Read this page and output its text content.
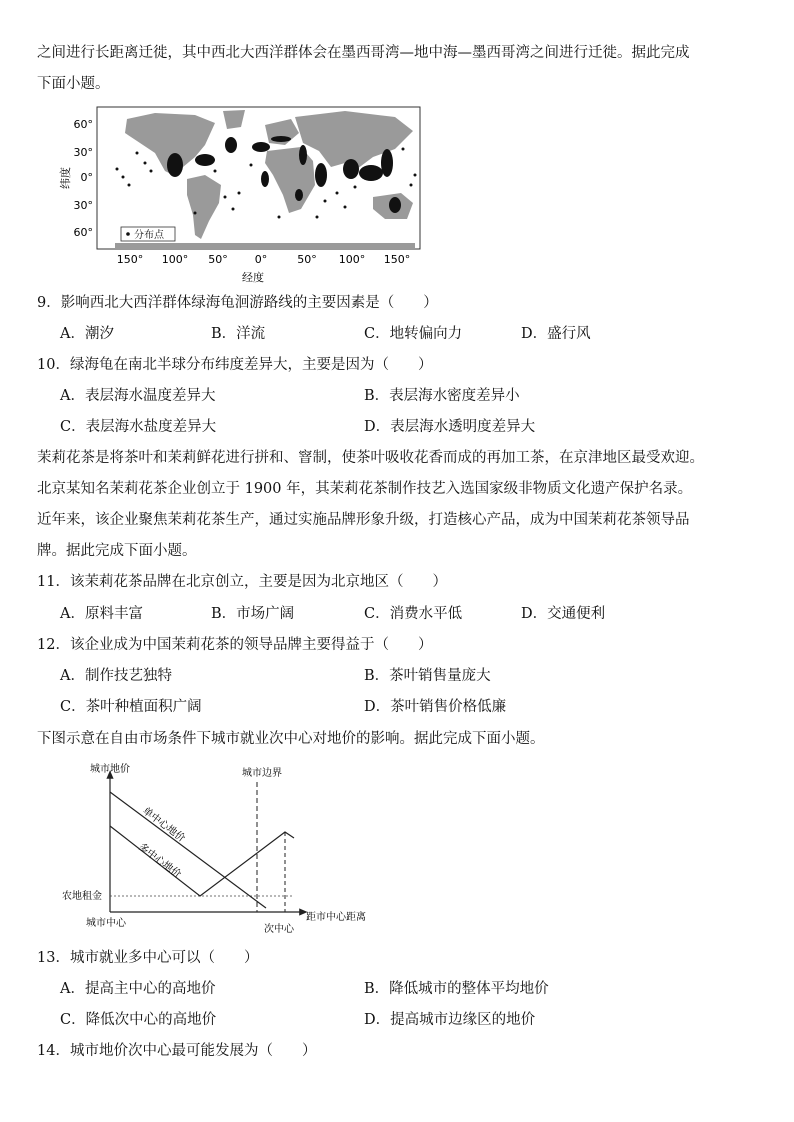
之间进行长距离迁徙，其中西北大西洋群体会在墨西哥湾—地中海—墨西哥湾之间进行迁徙。据此完成
下面小题。
分布点
60°
30°
0°
30°
60°
纬度
150° 100° 50° 0°	50° 100° 150°
经度
9．影响西北大西洋群体绿海龟洄游路线的主要因素是（　　）
A．潮汐	B．洋流	C．地转偏向力	D．盛行风
10．绿海龟在南北半球分布纬度差异大，主要是因为（　　）
A．表层海水温度差异大	B．表层海水密度差异小
C．表层海水盐度差异大	D．表层海水透明度差异大
茉莉花茶是将茶叶和茉莉鲜花进行拼和、窨制，使茶叶吸收花香而成的再加工茶，在京津地区最受欢迎。
北京某知名茉莉花茶企业创立于 1900 年，其茉莉花茶制作技艺入选国家级非物质文化遗产保护名录。
近年来，该企业聚焦茉莉花茶生产，通过实施品牌形象升级，打造核心产品，成为中国茉莉花茶领导品
牌。据此完成下面小题。
11．该茉莉花茶品牌在北京创立，主要是因为北京地区（　　）
A．原料丰富	B．市场广阔	C．消费水平低	D．交通便利
12．该企业成为中国茉莉花茶的领导品牌主要得益于（　　）
A．制作技艺独特	B．茶叶销售量庞大
C．茶叶种植面积广阔	D．茶叶销售价格低廉
下图示意在自由市场条件下城市就业次中心对地价的影响。据此完成下面小题。
城市地价	城市边界
单中心地价
多中心地价
农地租金
城市中心
次中心
距市中心距离
13．城市就业多中心可以（　　）
A．提高主中心的高地价	B．降低城市的整体平均地价
C．降低次中心的高地价	D．提高城市边缘区的地价
14．城市地价次中心最可能发展为（　　）
